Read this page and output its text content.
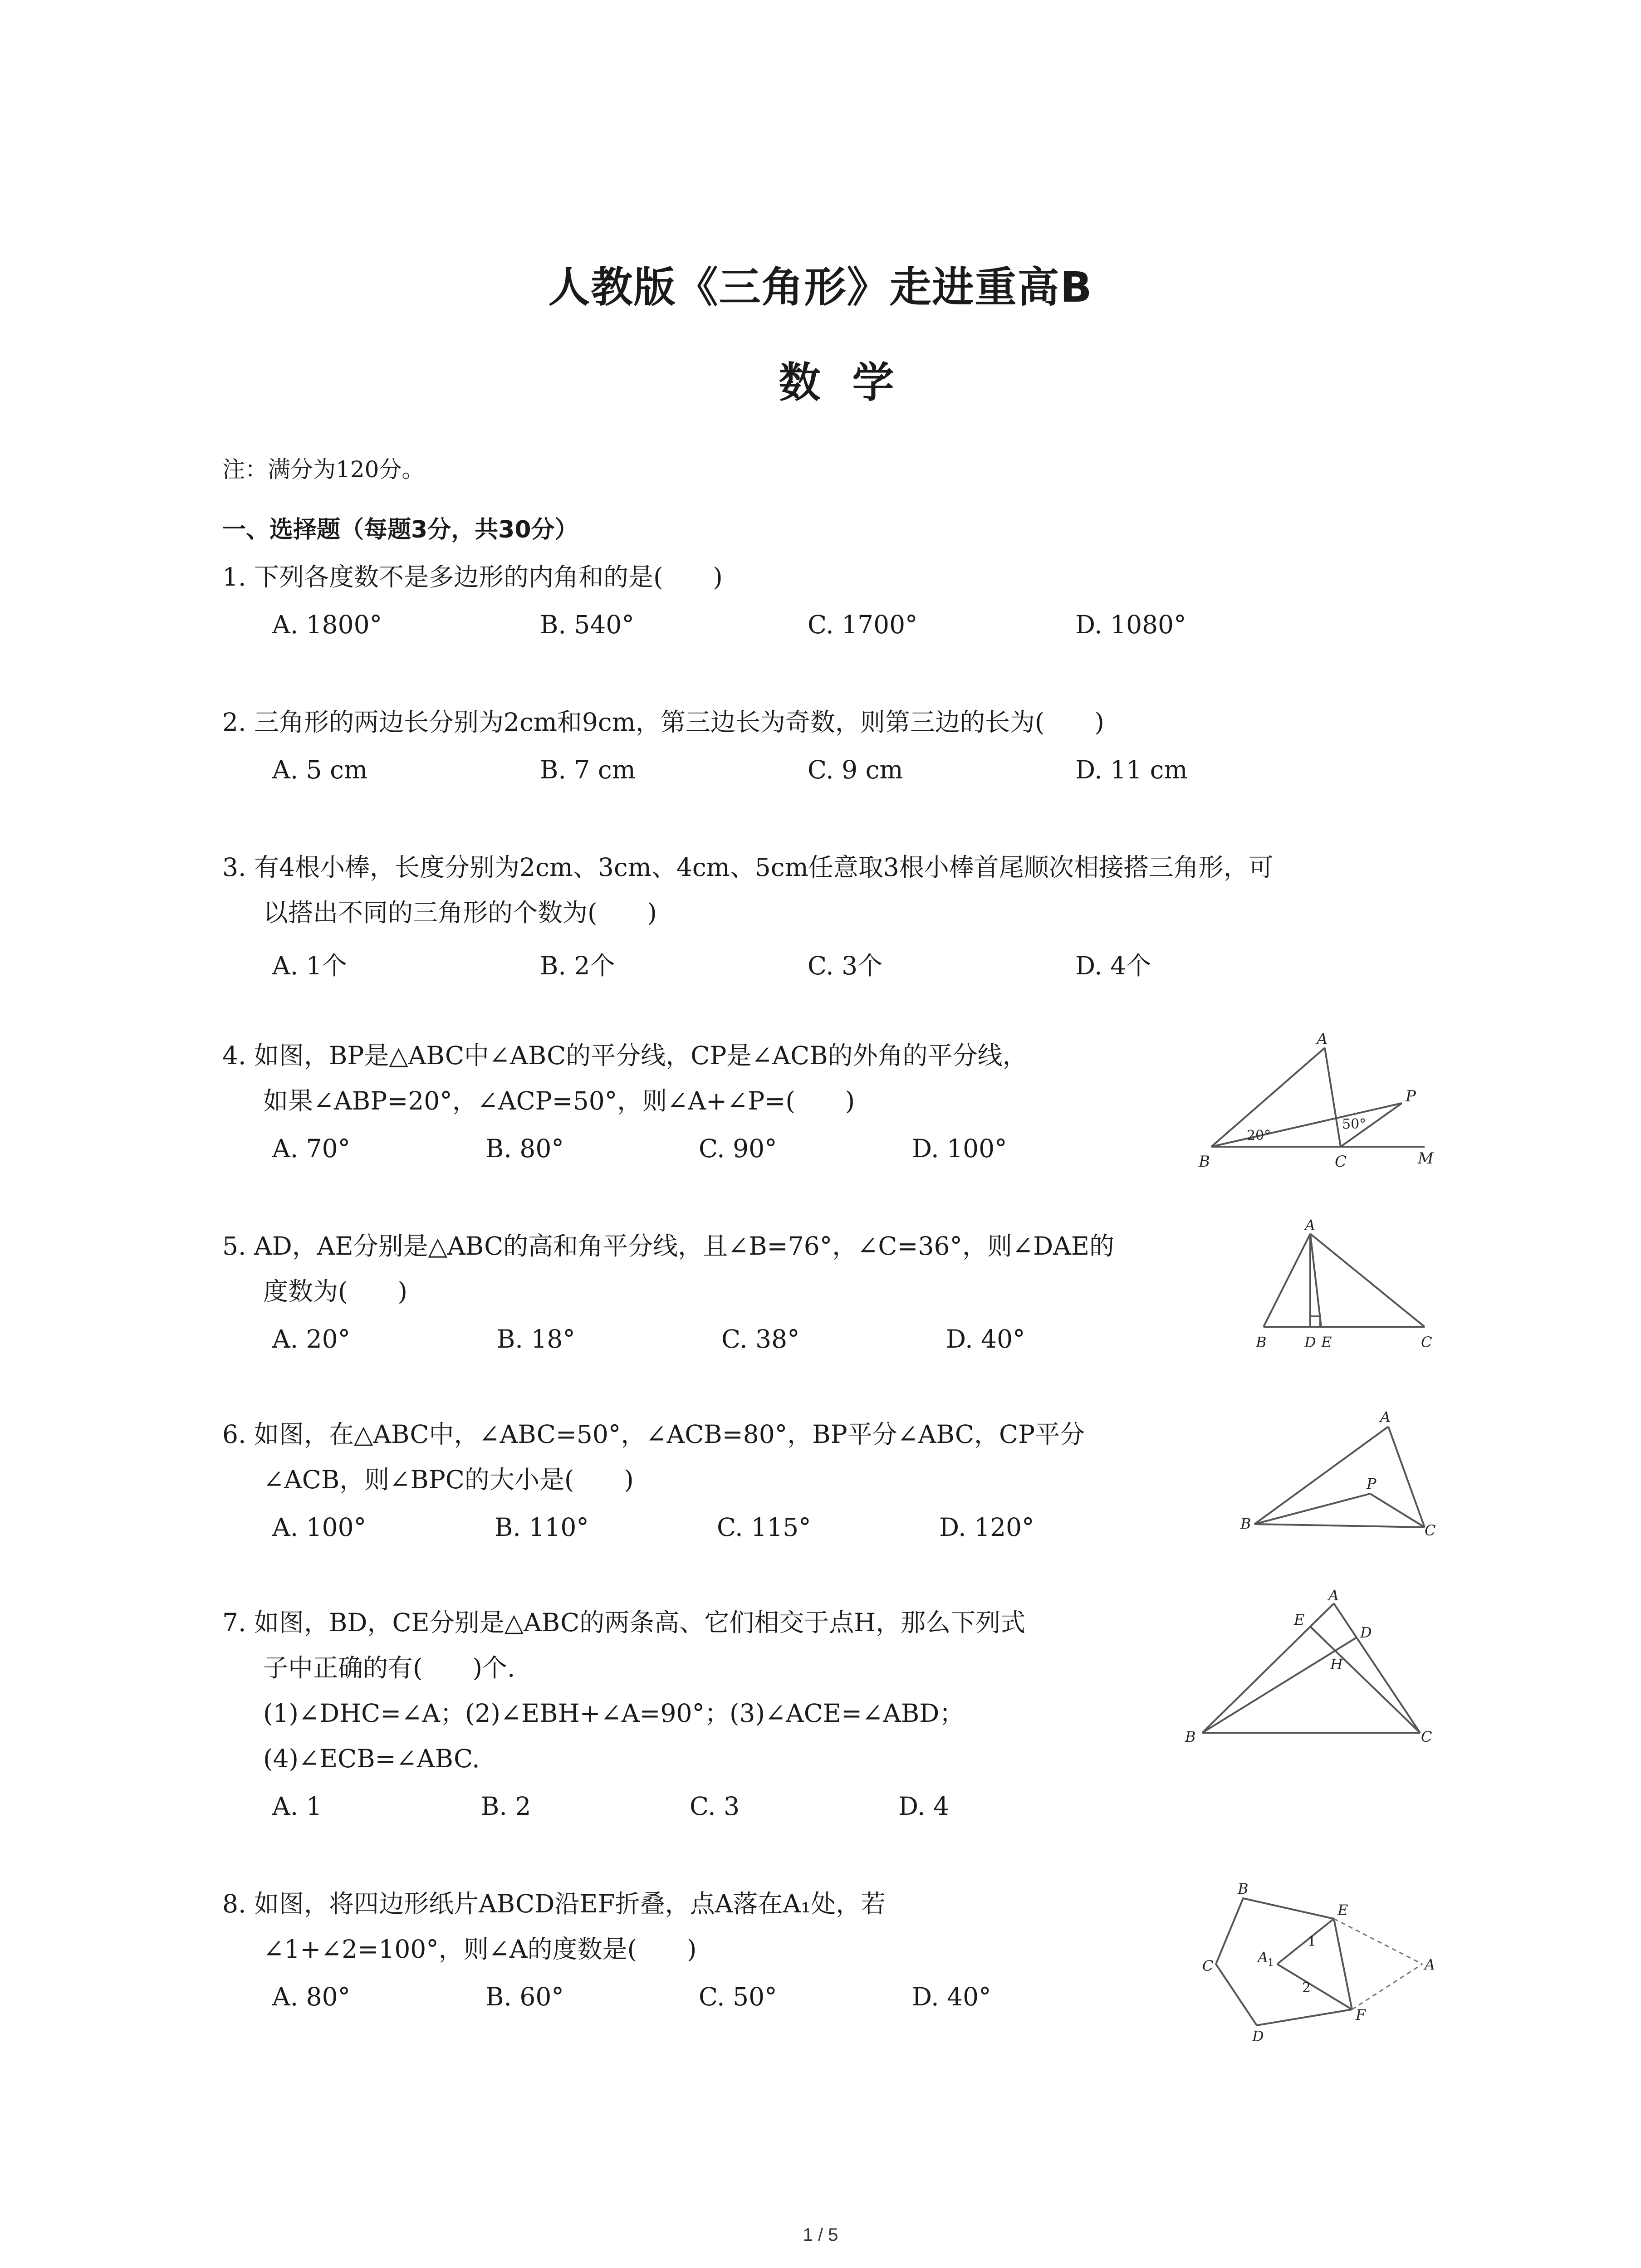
人教版《三角形》走进重高B
数学
注：满分为120分。
一、选择题（每题3分，共30分）
1. 下列各度数不是多边形的内角和的是(　　)
A. 1800°	B. 540°	C. 1700°	D. 1080°
2. 三角形的两边长分别为2cm和9cm，第三边长为奇数，则第三边的长为(　　)
A. 5 cm	B. 7 cm	C. 9 cm	D. 11 cm
3. 有4根小棒，长度分别为2cm、3cm、4cm、5cm任意取3根小棒首尾顺次相接搭三角形，可
以搭出不同的三角形的个数为(　　)
A. 1个	B. 2个	C. 3个	D. 4个
4. 如图，BP是△ABC中∠ABC的平分线，CP是∠ACB的外角的平分线，
如果∠ABP=20°，∠ACP=50°，则∠A+∠P=(　　)
A. 70°	B. 80°	C. 90°	D. 100°
A
B	C
P
M
20°
50°
5. AD，AE分别是△ABC的高和角平分线，且∠B=76°，∠C=36°，则∠DAE的
度数为(　　)
A. 20°	B. 18°	C. 38°	D. 40°
A
B	D E	C
6. 如图，在△ABC中，∠ABC=50°，∠ACB=80°，BP平分∠ABC，CP平分
∠ACB，则∠BPC的大小是(　　)
A. 100°	B. 110°	C. 115°	D. 120°
A
B	C
P
7. 如图，BD，CE分别是△ABC的两条高、它们相交于点H，那么下列式
子中正确的有(　　)个.
(1)∠DHC=∠A；(2)∠EBH+∠A=90°；(3)∠ACE=∠ABD；
(4)∠ECB=∠ABC.
A. 1	B. 2	C. 3	D. 4
A
E
D
H
B	C
8. 如图，将四边形纸片ABCD沿EF折叠，点A落在A₁处，若
∠1+∠2=100°，则∠A的度数是(　　)
A. 80°	B. 60°	C. 50°	D. 40°
B
C
D
E
F
A
A
1
1
2
1 / 5
